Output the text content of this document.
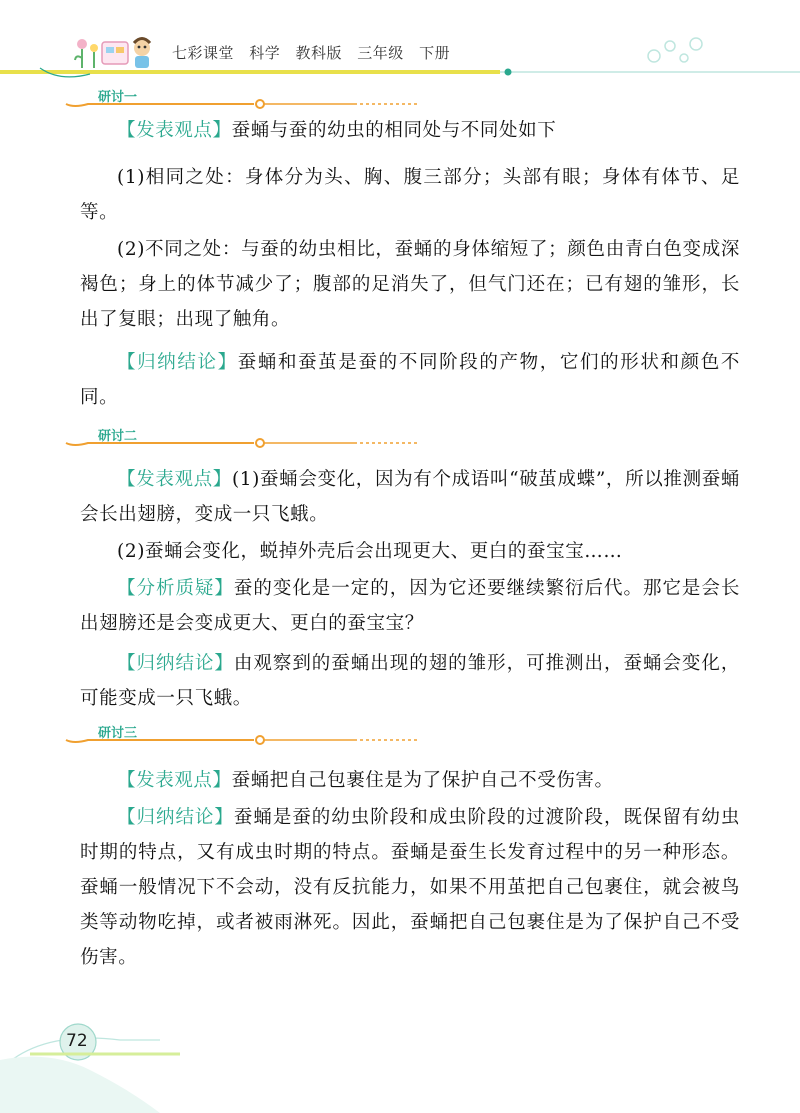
七彩课堂 科学 教科版 三年级 下册
研讨一

【发表观点】蚕蛹与蚕的幼虫的相同处与不同处如下

(1)相同之处：身体分为头、胸、腹三部分；头部有眼；身体有体节、足等。

(2)不同之处：与蚕的幼虫相比，蚕蛹的身体缩短了；颜色由青白色变成深褐色；身上的体节减少了；腹部的足消失了，但气门还在；已有翅的雏形，长出了复眼；出现了触角。

【归纳结论】蚕蛹和蚕茧是蚕的不同阶段的产物，它们的形状和颜色不同。

研讨二

【发表观点】(1)蚕蛹会变化，因为有个成语叫“破茧成蝶”，所以推测蚕蛹会长出翅膀，变成一只飞蛾。

(2)蚕蛹会变化，蜕掉外壳后会出现更大、更白的蚕宝宝……

【分析质疑】蚕的变化是一定的，因为它还要继续繁衍后代。那它是会长出翅膀还是会变成更大、更白的蚕宝宝？

【归纳结论】由观察到的蚕蛹出现的翅的雏形，可推测出，蚕蛹会变化，可能变成一只飞蛾。

研讨三

【发表观点】蚕蛹把自己包裹住是为了保护自己不受伤害。

【归纳结论】蚕蛹是蚕的幼虫阶段和成虫阶段的过渡阶段，既保留有幼虫时期的特点，又有成虫时期的特点。蚕蛹是蚕生长发育过程中的另一种形态。蚕蛹一般情况下不会动，没有反抗能力，如果不用茧把自己包裹住，就会被鸟类等动物吃掉，或者被雨淋死。因此，蚕蛹把自己包裹住是为了保护自己不受伤害。

72
